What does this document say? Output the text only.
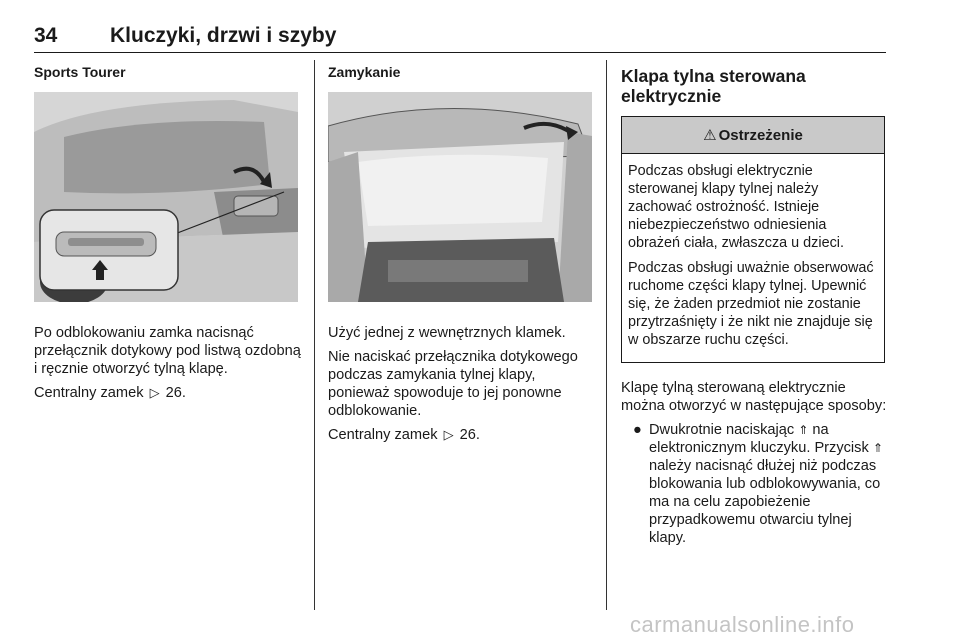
34	Kluczyki, drzwi i szyby
Sports Tourer

Po odblokowaniu zamka nacisnąć przełącznik dotykowy pod listwą ozdobną i ręcznie otworzyć tylną klapę.

Centralny zamek ▷ 26.

Zamykanie

Użyć jednej z wewnętrznych klamek.

Nie naciskać przełącznika dotykowego podczas zamykania tylnej klapy, ponieważ spowoduje to jej ponowne odblokowanie.

Centralny zamek ▷ 26.

Klapa tylna sterowana
elektrycznie
⚠ Ostrzeżenie

Podczas obsługi elektrycznie sterowanej klapy tylnej należy zachować ostrożność. Istnieje niebezpieczeństwo odniesienia obrażeń ciała, zwłaszcza u dzieci.

Podczas obsługi uważnie obserwować ruchome części klapy tylnej. Upewnić się, że żaden przedmiot nie zostanie przytrzaśnięty i że nikt nie znajduje się w obszarze ruchu części.

Klapę tylną sterowaną elektrycznie można otworzyć w następujące sposoby:

● Dwukrotnie naciskając ⇑ na elektronicznym kluczyku. Przycisk ⇑ należy nacisnąć dłużej niż podczas blokowania lub odblokowywania, co ma na celu zapobieżenie przypadkowemu otwarciu tylnej klapy.
carmanualsonline.info
